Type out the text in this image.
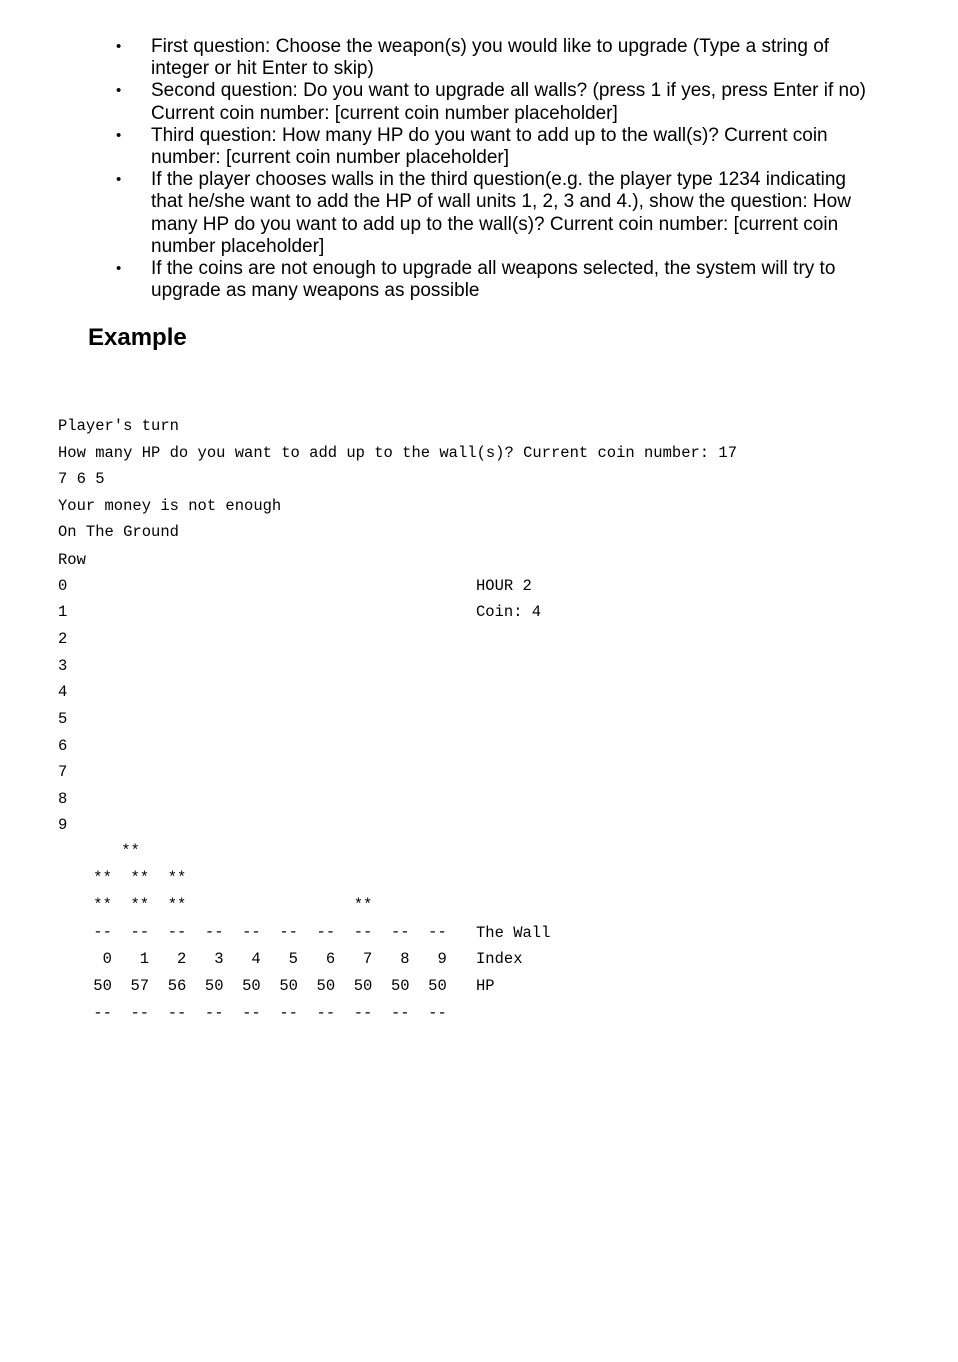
• First question: Choose the weapon(s) you would like to upgrade (Type a string of
integer or hit Enter to skip)
• Second question: Do you want to upgrade all walls? (press 1 if yes, press Enter if no)
Current coin number: [current coin number placeholder]
• Third question: How many HP do you want to add up to the wall(s)? Current coin
number: [current coin number placeholder]
• If the player chooses walls in the third question(e.g. the player type 1234 indicating
that he/she want to add the HP of wall units 1, 2, 3 and 4.), show the question: How
many HP do you want to add up to the wall(s)? Current coin number: [current coin
number placeholder]
• If the coins are not enough to upgrade all weapons selected, the system will try to
upgrade as many weapons as possible
Example
Player's turn
How many HP do you want to add up to the wall(s)? Current coin number: 17
7 6 5
Your money is not enough
On The Ground
Row
0
1
2
3
4
5
6
7
8
9
HOUR 2
Coin: 4
**
**  **  **
**  **  **                  **
--  --  --  --  --  --  --  --  --  --
0   1   2   3   4   5   6   7   8   9
50  57  56  50  50  50  50  50  50  50
--  --  --  --  --  --  --  --  --  --
The Wall
Index
HP
